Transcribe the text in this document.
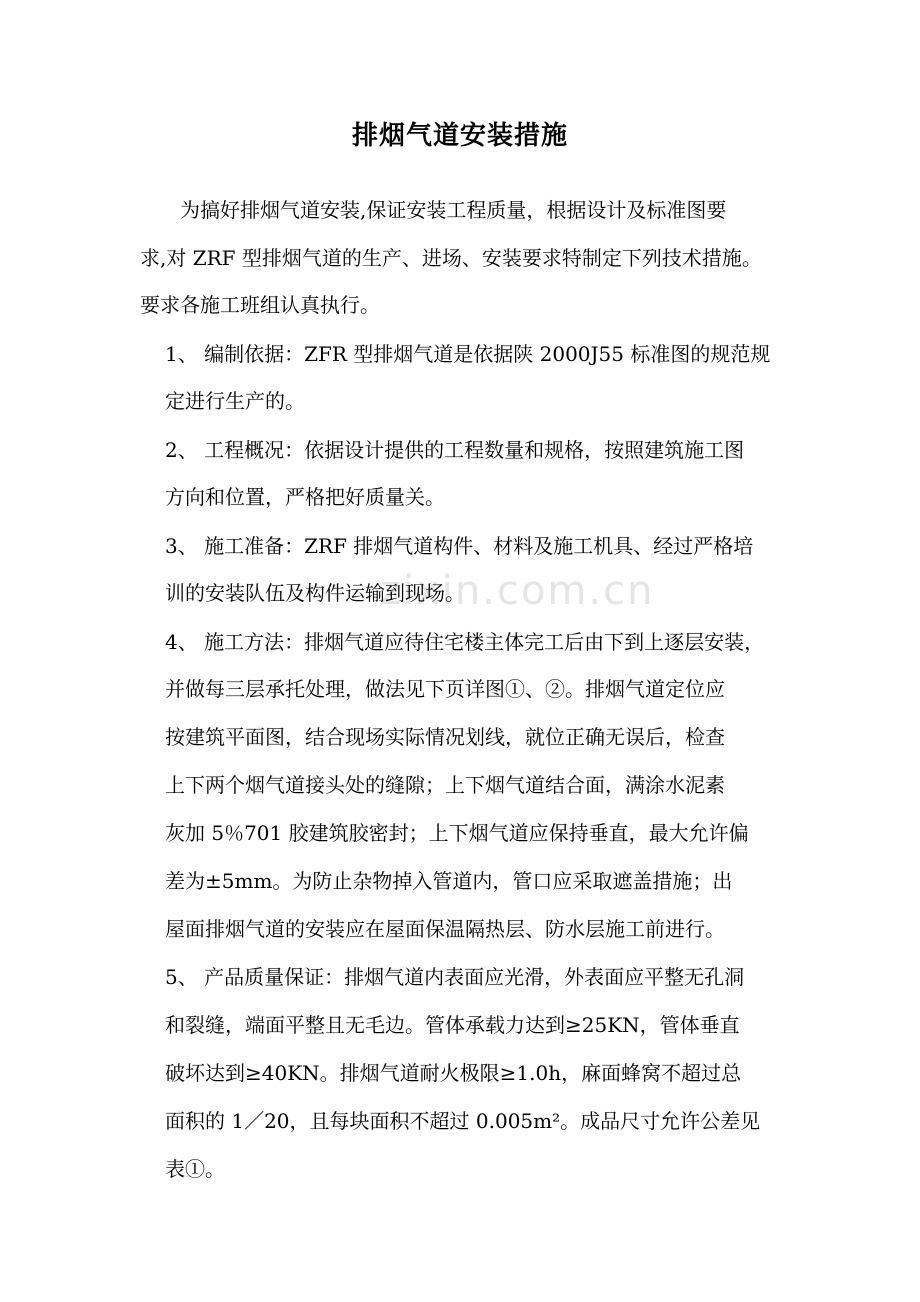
排烟气道安装措施
zixin.com.cn
为搞好排烟气道安装,保证安装工程质量，根据设计及标准图要
求,对 ZRF 型排烟气道的生产、进场、安装要求特制定下列技术措施。
要求各施工班组认真执行。
1、 编制依据：ZFR 型排烟气道是依据陕 2000J55 标准图的规范规
定进行生产的。
2、 工程概况：依据设计提供的工程数量和规格，按照建筑施工图
方向和位置，严格把好质量关。
3、 施工准备：ZRF 排烟气道构件、材料及施工机具、经过严格培
训的安装队伍及构件运输到现场。
4、 施工方法：排烟气道应待住宅楼主体完工后由下到上逐层安装，
并做每三层承托处理，做法见下页详图①、②。排烟气道定位应
按建筑平面图，结合现场实际情况划线，就位正确无误后，检查
上下两个烟气道接头处的缝隙；上下烟气道结合面，满涂水泥素
灰加 5％701 胶建筑胶密封；上下烟气道应保持垂直，最大允许偏
差为±5mm。为防止杂物掉入管道内，管口应采取遮盖措施；出
屋面排烟气道的安装应在屋面保温隔热层、防水层施工前进行。
5、 产品质量保证：排烟气道内表面应光滑，外表面应平整无孔洞
和裂缝，端面平整且无毛边。管体承载力达到≥25KN，管体垂直
破坏达到≥40KN。排烟气道耐火极限≥1.0h，麻面蜂窝不超过总
面积的 1／20，且每块面积不超过 0.005m²。成品尺寸允许公差见
表①。
